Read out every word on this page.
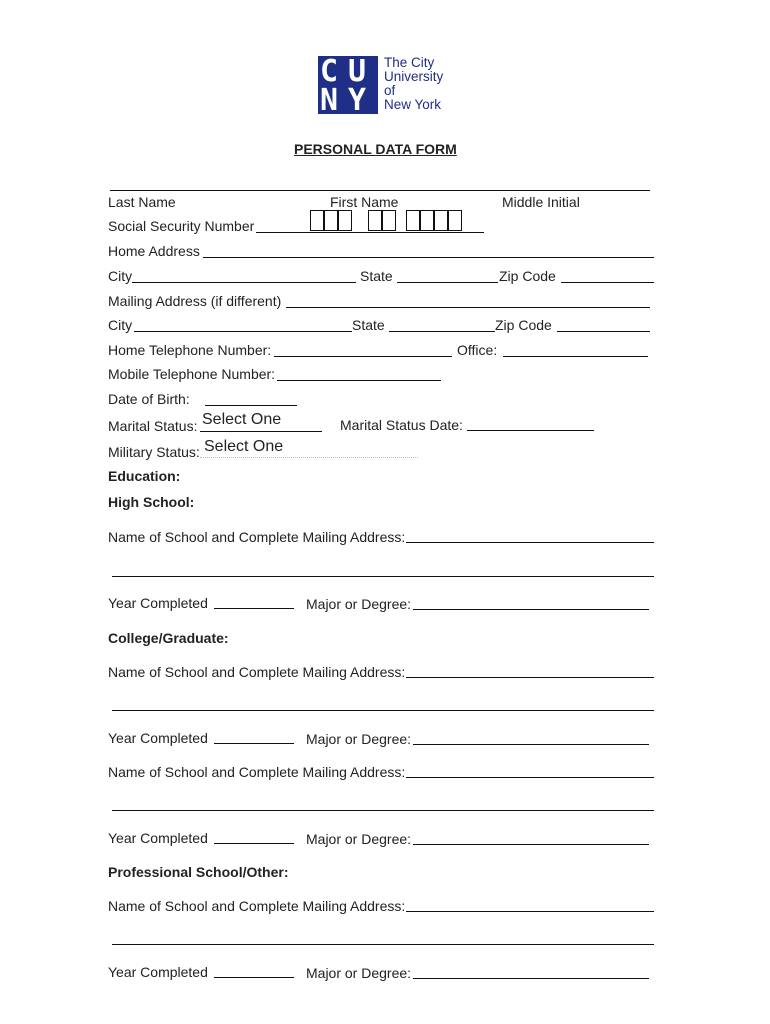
C U
N Y
The City
University
of
New York
PERSONAL DATA FORM
Last Name	First Name	Middle Initial
Social Security Number
Home Address
City	State	Zip Code
Mailing Address (if different)
City	State	Zip Code
Home Telephone Number:	Office:
Mobile Telephone Number:
Date of Birth:
Marital Status: Select One	Marital Status Date:
Military Status: Select One
Education:
High School:
Name of School and Complete Mailing Address:
Year Completed	Major or Degree:
College/Graduate:
Name of School and Complete Mailing Address:
Year Completed	Major or Degree:
Name of School and Complete Mailing Address:
Year Completed	Major or Degree:
Professional School/Other:
Name of School and Complete Mailing Address:
Year Completed	Major or Degree:
